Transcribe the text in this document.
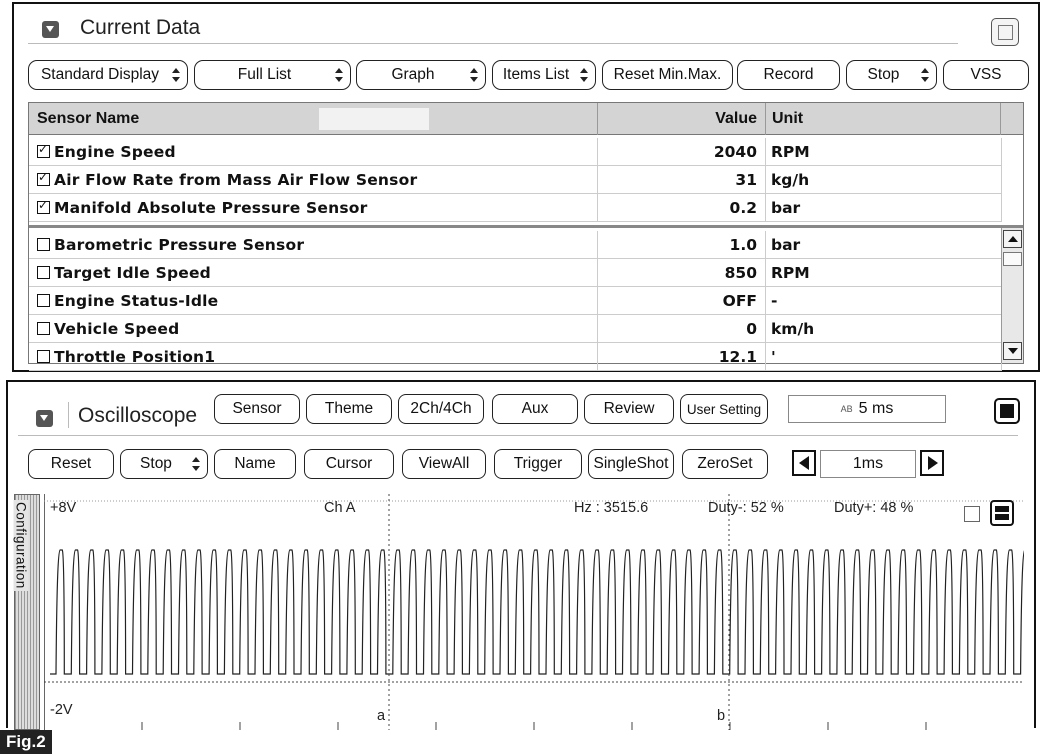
Current Data
Standard Display	Full List	Graph	Items List	Reset Min.Max.	Record	Stop	VSS
Sensor Name	Value Unit
✓
Engine Speed	2040 RPM
✓
Air Flow Rate from Mass Air Flow Sensor	31 kg/h
✓
Manifold Absolute Pressure Sensor	0.2 bar
Barometric Pressure Sensor	1.0 bar
Target Idle Speed	850 RPM
Engine Status-Idle	OFF -
Vehicle Speed	0 km/h
Throttle Position1	12.1 '
Oscilloscope	Sensor	Theme	2Ch/4Ch	Aux	Review	User Setting	AB 5 ms
Reset	Stop	Name	Cursor	ViewAll	Trigger	SingleShot	ZeroSet	1ms
Configuration +8V	Ch A	Hz : 3515.6	Duty-: 52 %	Duty+: 48 %
-2V	a	b
Fig.2
